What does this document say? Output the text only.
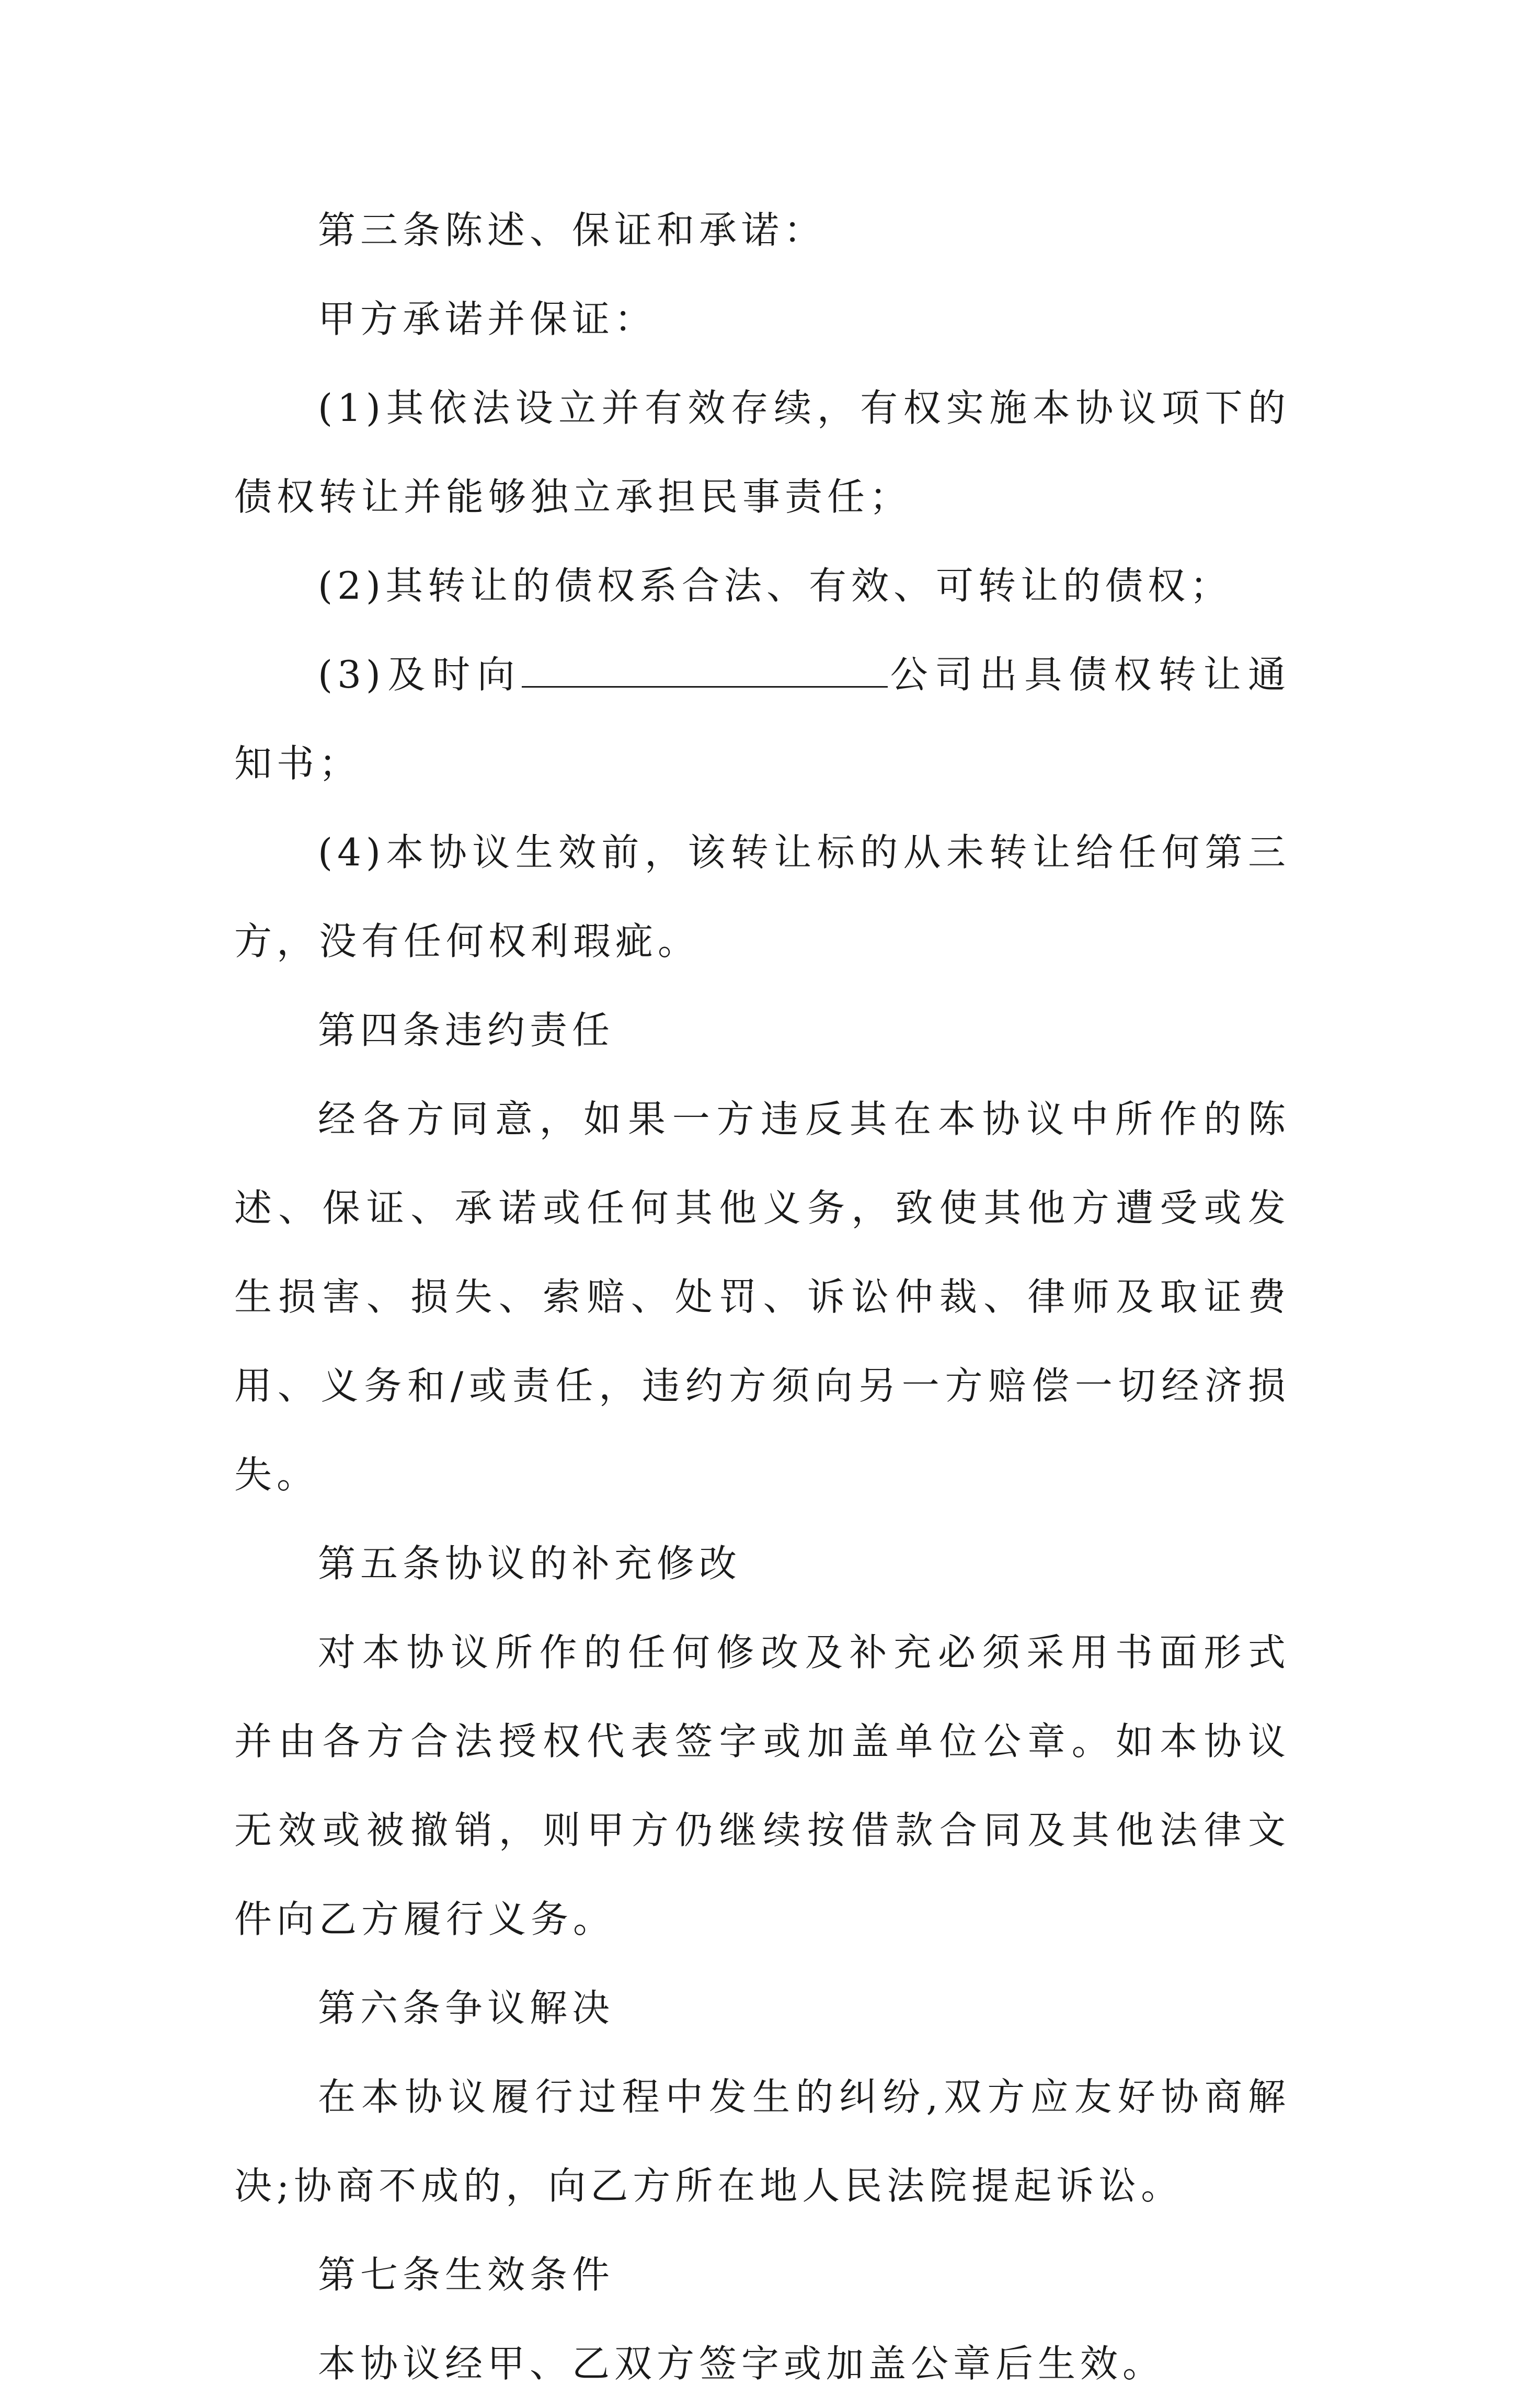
第三条陈述、保证和承诺：

甲方承诺并保证：

(1)其依法设立并有效存续，有权实施本协议项下的债权转让并能够独立承担民事责任；

(2)其转让的债权系合法、有效、可转让的债权；

(3)及时向	公司出具债权转让通知书；

(4)本协议生效前，该转让标的从未转让给任何第三方，没有任何权利瑕疵。

第四条违约责任

经各方同意，如果一方违反其在本协议中所作的陈述、保证、承诺或任何其他义务，致使其他方遭受或发生损害、损失、索赔、处罚、诉讼仲裁、律师及取证费用、义务和/或责任，违约方须向另一方赔偿一切经济损失。

第五条协议的补充修改

对本协议所作的任何修改及补充必须采用书面形式并由各方合法授权代表签字或加盖单位公章。如本协议无效或被撤销，则甲方仍继续按借款合同及其他法律文件向乙方履行义务。

第六条争议解决

在本协议履行过程中发生的纠纷,双方应友好协商解决;协商不成的，向乙方所在地人民法院提起诉讼。

第七条生效条件

本协议经甲、乙双方签字或加盖公章后生效。
